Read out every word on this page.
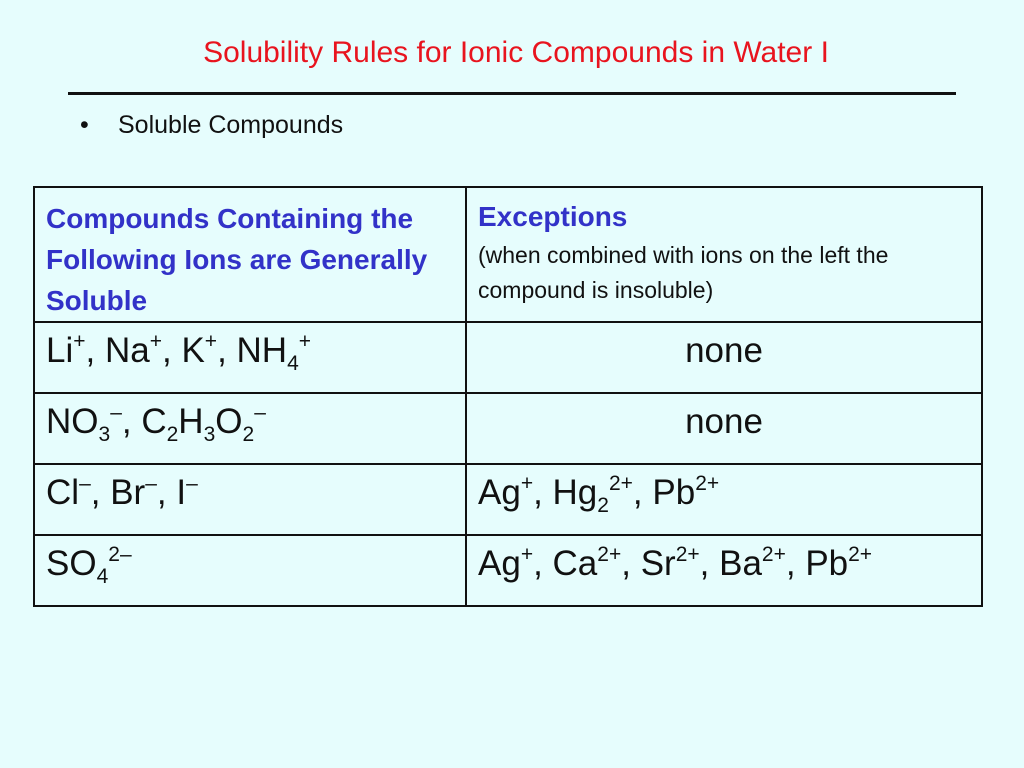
Solubility Rules for Ionic Compounds in Water I
• Soluble Compounds
Compounds Containing the Following Ions are Generally Soluble	Exceptions
(when combined with ions on the left the compound is insoluble)

Li+, Na+, K+, $NH_4^+$	none
$NO_3^-$, $C_2H_3O_2^-$	none
Cl–, Br–, I–	Ag+, $Hg_2^{2+}$, $Pb^{2+}$
$SO_4^{2-}$	Ag+, $Ca^{2+}$, $Sr^{2+}$, $Ba^{2+}$, $Pb^{2+}$
